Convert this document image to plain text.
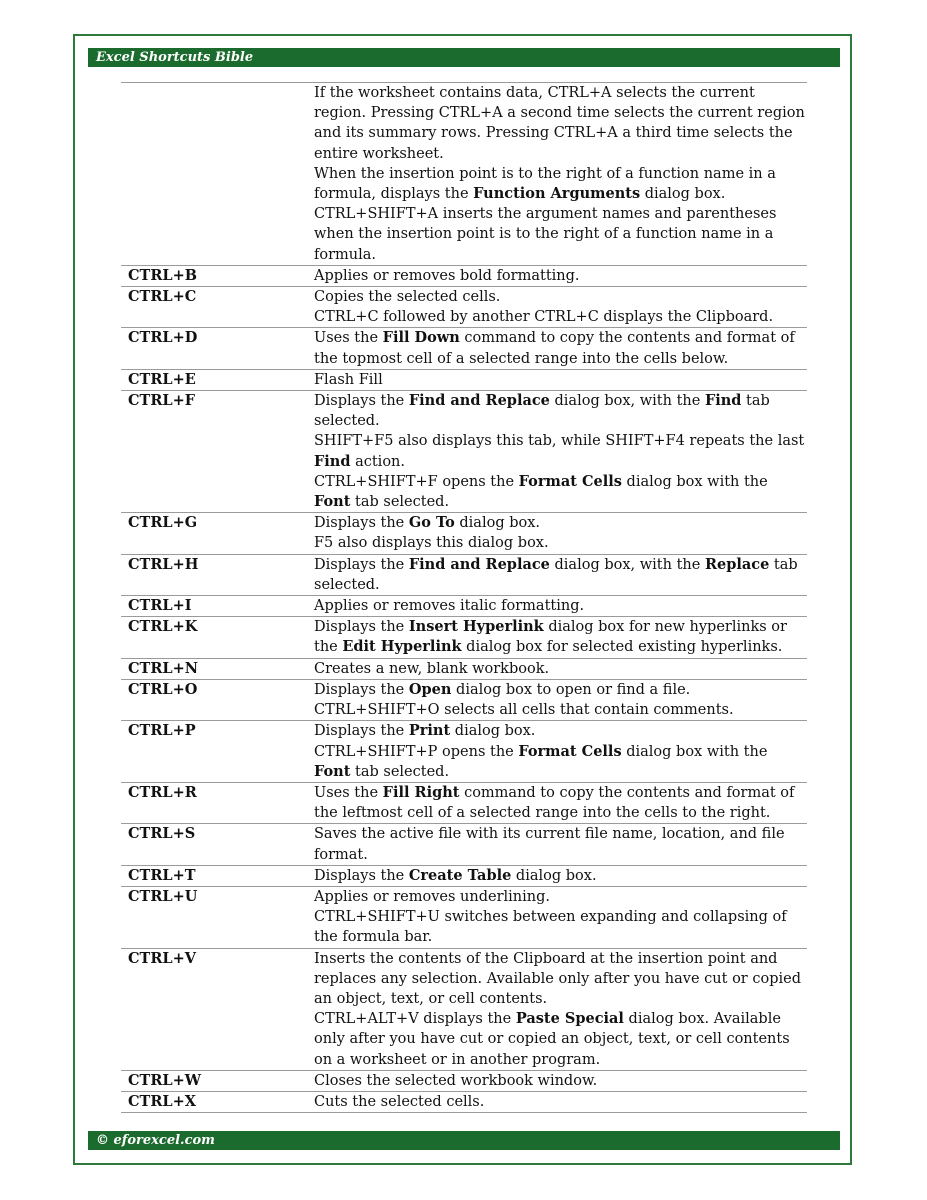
Excel Shortcuts Bible

	If the worksheet contains data, CTRL+A selects the current region. Pressing CTRL+A a second time selects the current region and its summary rows. Pressing CTRL+A a third time selects the entire worksheet.
When the insertion point is to the right of a function name in a formula, displays the Function Arguments dialog box.
CTRL+SHIFT+A inserts the argument names and parentheses when the insertion point is to the right of a function name in a formula.

CTRL+B	Applies or removes bold formatting.

CTRL+C	Copies the selected cells.
CTRL+C followed by another CTRL+C displays the Clipboard.

CTRL+D	Uses the Fill Down command to copy the contents and format of the topmost cell of a selected range into the cells below.

CTRL+E	Flash Fill

CTRL+F	Displays the Find and Replace dialog box, with the Find tab selected.
SHIFT+F5 also displays this tab, while SHIFT+F4 repeats the last Find action.
CTRL+SHIFT+F opens the Format Cells dialog box with the Font tab selected.

CTRL+G	Displays the Go To dialog box.
F5 also displays this dialog box.

CTRL+H	Displays the Find and Replace dialog box, with the Replace tab selected.

CTRL+I	Applies or removes italic formatting.

CTRL+K	Displays the Insert Hyperlink dialog box for new hyperlinks or the Edit Hyperlink dialog box for selected existing hyperlinks.

CTRL+N	Creates a new, blank workbook.

CTRL+O	Displays the Open dialog box to open or find a file.
CTRL+SHIFT+O selects all cells that contain comments.

CTRL+P	Displays the Print dialog box.
CTRL+SHIFT+P opens the Format Cells dialog box with the Font tab selected.

CTRL+R	Uses the Fill Right command to copy the contents and format of the leftmost cell of a selected range into the cells to the right.

CTRL+S	Saves the active file with its current file name, location, and file format.

CTRL+T	Displays the Create Table dialog box.

CTRL+U	Applies or removes underlining.
CTRL+SHIFT+U switches between expanding and collapsing of the formula bar.

CTRL+V	Inserts the contents of the Clipboard at the insertion point and replaces any selection. Available only after you have cut or copied an object, text, or cell contents.
CTRL+ALT+V displays the Paste Special dialog box. Available only after you have cut or copied an object, text, or cell contents on a worksheet or in another program.

CTRL+W	Closes the selected workbook window.

CTRL+X	Cuts the selected cells.
© eforexcel.com
